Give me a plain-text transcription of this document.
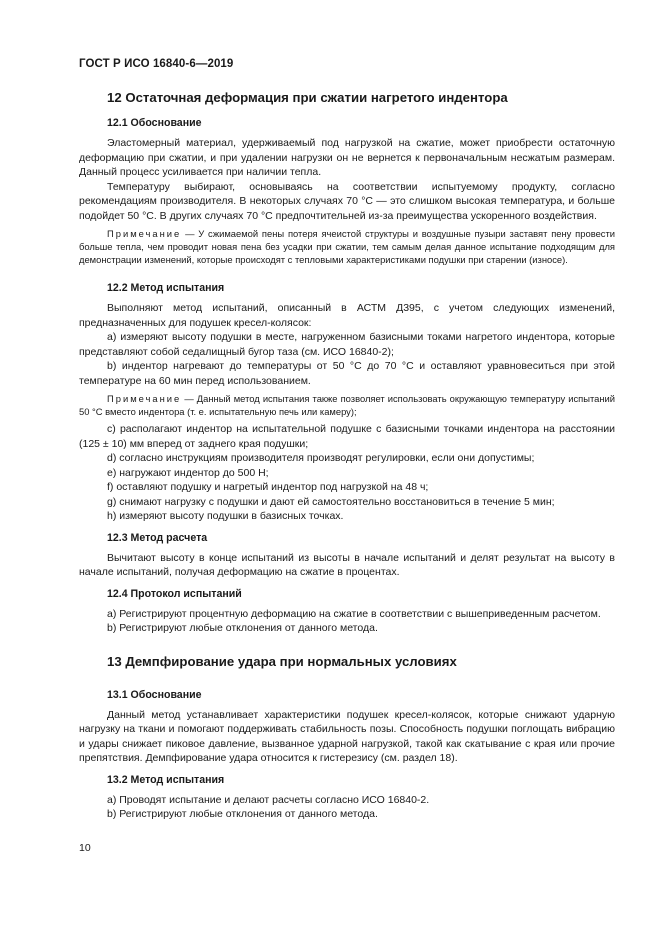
ГОСТ Р ИСО 16840-6—2019
12 Остаточная деформация при сжатии нагретого индентора
12.1 Обоснование

Эластомерный материал, удерживаемый под нагрузкой на сжатие, может приобрести остаточную деформацию при сжатии, и при удалении нагрузки он не вернется к первоначальным несжатым размерам. Данный процесс усиливается при наличии тепла.

Температуру выбирают, основываясь на соответствии испытуемому продукту, согласно рекомендациям производителя. В некоторых случаях 70 °С — это слишком высокая температура, и больше подойдет 50 °С. В других случаях 70 °С предпочтительней из-за преимущества ускоренного воздействия.

Примечание — У сжимаемой пены потеря ячеистой структуры и воздушные пузыри заставят пену провести больше тепла, чем проводит новая пена без усадки при сжатии, тем самым делая данное испытание подходящим для демонстрации изменений, которые происходят с тепловыми характеристиками подушки при старении (износе).

12.2 Метод испытания

Выполняют метод испытаний, описанный в АСТМ Д395, с учетом следующих изменений, предназначенных для подушек кресел-колясок:

а) измеряют высоту подушки в месте, нагруженном базисными токами нагретого индентора, которые представляют собой седалищный бугор таза (см. ИСО 16840-2);

b) индентор нагревают до температуры от 50 °С до 70 °С и оставляют уравновеситься при этой температуре на 60 мин перед использованием.

Примечание — Данный метод испытания также позволяет использовать окружающую температуру испытаний 50 °С вместо индентора (т. е. испытательную печь или камеру);

с) располагают индентор на испытательной подушке с базисными точками индентора на расстоянии (125 ± 10) мм вперед от заднего края подушки;

d) согласно инструкциям производителя производят регулировки, если они допустимы;

е) нагружают индентор до 500 Н;

f) оставляют подушку и нагретый индентор под нагрузкой на 48 ч;

g) снимают нагрузку с подушки и дают ей самостоятельно восстановиться в течение 5 мин;

h) измеряют высоту подушки в базисных точках.

12.3 Метод расчета

Вычитают высоту в конце испытаний из высоты в начале испытаний и делят результат на высоту в начале испытаний, получая деформацию на сжатие в процентах.

12.4 Протокол испытаний

а) Регистрируют процентную деформацию на сжатие в соответствии с вышеприведенным расчетом.

b) Регистрируют любые отклонения от данного метода.

13 Демпфирование удара при нормальных условиях
13.1 Обоснование

Данный метод устанавливает характеристики подушек кресел-колясок, которые снижают ударную нагрузку на ткани и помогают поддерживать стабильность позы. Способность подушки поглощать вибрацию и удары снижает пиковое давление, вызванное ударной нагрузкой, такой как скатывание с края или прочие препятствия. Демпфирование удара относится к гистерезису (см. раздел 18).

13.2 Метод испытания

а) Проводят испытание и делают расчеты согласно ИСО 16840-2.

b) Регистрируют любые отклонения от данного метода.

10
